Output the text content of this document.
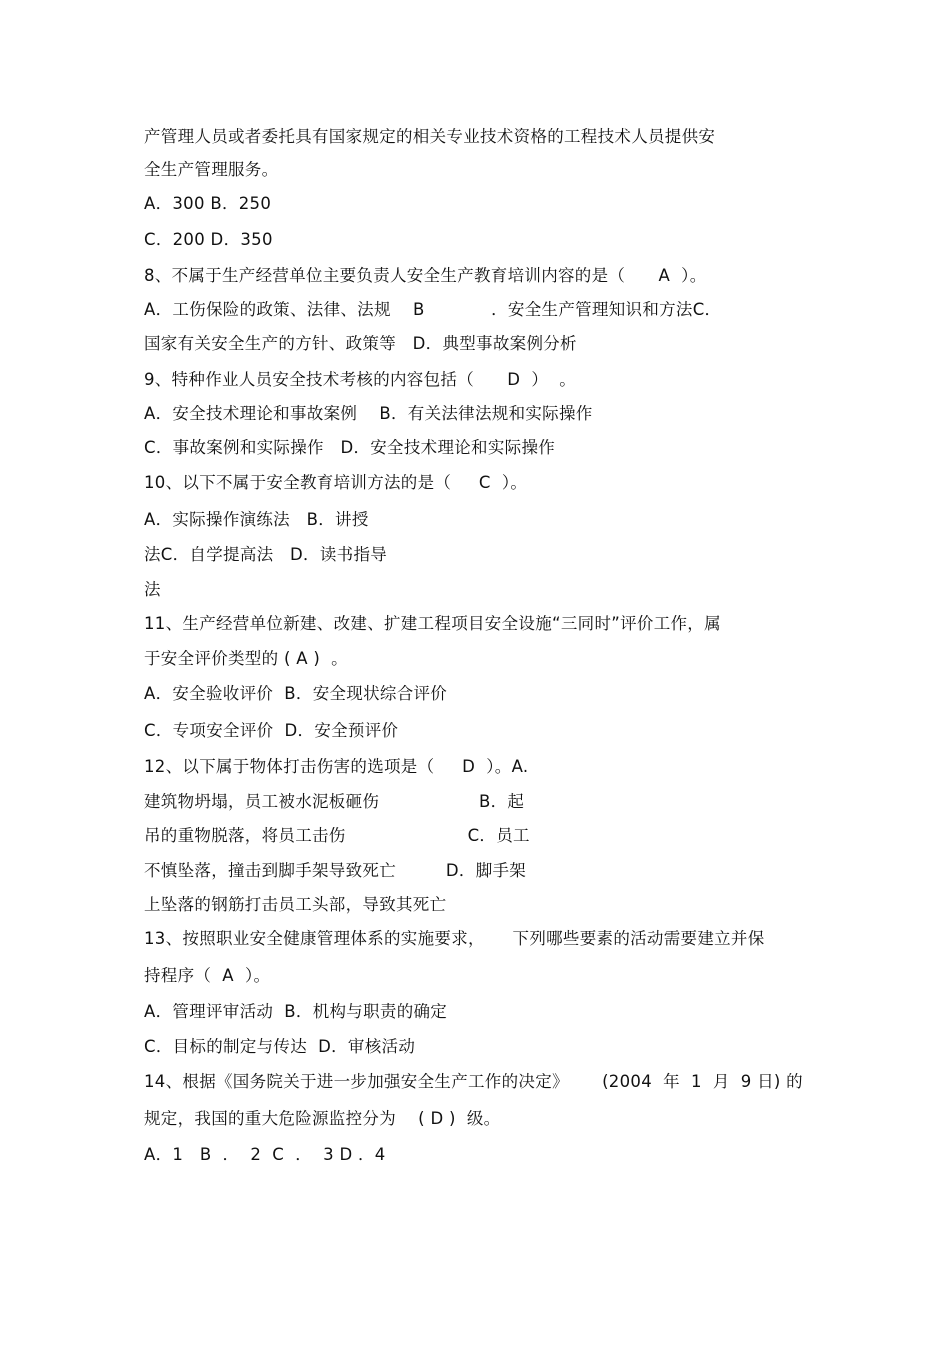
产管理人员或者委托具有国家规定的相关专业技术资格的工程技术人员提供安
全生产管理服务。
A．300 B．250
C．200 D．350
8、不属于生产经营单位主要负责人安全生产教育培训内容的是（      A  ）。
A．工伤保险的政策、法律、法规    B            ．安全生产管理知识和方法C．
国家有关安全生产的方针、政策等   D．典型事故案例分析
9、特种作业人员安全技术考核的内容包括（      D  ）  。
A．安全技术理论和事故案例    B．有关法律法规和实际操作
C．事故案例和实际操作   D．安全技术理论和实际操作
10、以下不属于安全教育培训方法的是（     C  ）。
A．实际操作演练法   B．讲授
法C．自学提高法   D．读书指导
法
11、生产经营单位新建、改建、扩建工程项目安全设施“三同时”评价工作，属
于安全评价类型的 ( A )  。
A．安全验收评价  B．安全现状综合评价
C．专项安全评价  D．安全预评价
12、以下属于物体打击伤害的选项是（     D  ）。A.
建筑物坍塌，员工被水泥板砸伤                  B．起
吊的重物脱落，将员工击伤                      C．员工
不慎坠落，撞击到脚手架导致死亡         D．脚手架
上坠落的钢筋打击员工头部，导致其死亡
13、按照职业安全健康管理体系的实施要求，     下列哪些要素的活动需要建立并保
持程序（  A  ）。
A．管理评审活动  B．机构与职责的确定
C．目标的制定与传达  D．审核活动
14、根据《国务院关于进一步加强安全生产工作的决定》      (2004  年  1  月  9 日) 的
规定，我国的重大危险源监控分为    ( D )  级。
A．1   B  ．  2  C  ．  3 D ．4
